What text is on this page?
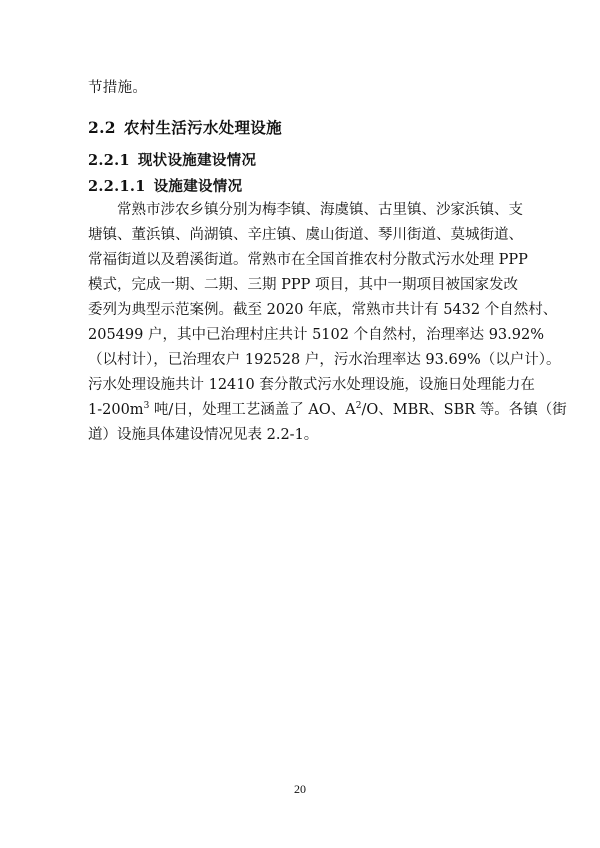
节措施。
2.2 农村生活污水处理设施
2.2.1 现状设施建设情况
2.2.1.1 设施建设情况
常熟市涉农乡镇分别为梅李镇、海虞镇、古里镇、沙家浜镇、支
塘镇、董浜镇、尚湖镇、辛庄镇、虞山街道、琴川街道、莫城街道、
常福街道以及碧溪街道。常熟市在全国首推农村分散式污水处理 PPP
模式，完成一期、二期、三期 PPP 项目，其中一期项目被国家发改
委列为典型示范案例。截至 2020 年底，常熟市共计有 5432 个自然村、
205499 户，其中已治理村庄共计 5102 个自然村，治理率达 93.92%
（以村计），已治理农户 192528 户，污水治理率达 93.69%（以户计）。
污水处理设施共计 12410 套分散式污水处理设施，设施日处理能力在
$1-200m^3$ 吨/日，处理工艺涵盖了 AO、$A^2/O$、MBR、SBR 等。各镇（街
道）设施具体建设情况见表 2.2-1。
20
